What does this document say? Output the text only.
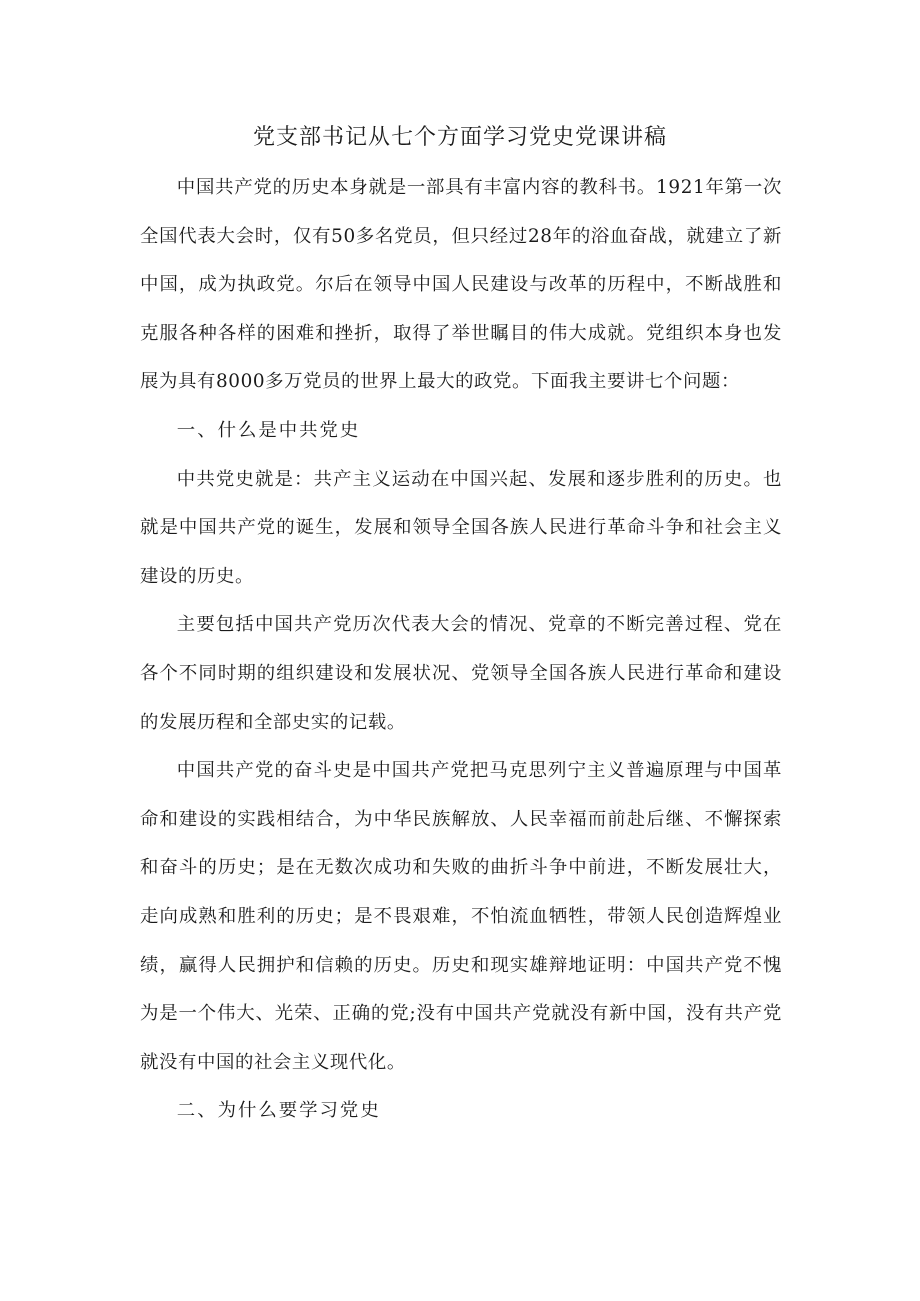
党支部书记从七个方面学习党史党课讲稿

中国共产党的历史本身就是一部具有丰富内容的教科书。1921年第一次全国代表大会时，仅有50多名党员，但只经过28年的浴血奋战，就建立了新中国，成为执政党。尔后在领导中国人民建设与改革的历程中，不断战胜和克服各种各样的困难和挫折，取得了举世瞩目的伟大成就。党组织本身也发展为具有8000多万党员的世界上最大的政党。下面我主要讲七个问题：

一、什么是中共党史

中共党史就是：共产主义运动在中国兴起、发展和逐步胜利的历史。也就是中国共产党的诞生，发展和领导全国各族人民进行革命斗争和社会主义建设的历史。

主要包括中国共产党历次代表大会的情况、党章的不断完善过程、党在各个不同时期的组织建设和发展状况、党领导全国各族人民进行革命和建设的发展历程和全部史实的记载。

中国共产党的奋斗史是中国共产党把马克思列宁主义普遍原理与中国革命和建设的实践相结合，为中华民族解放、人民幸福而前赴后继、不懈探索和奋斗的历史；是在无数次成功和失败的曲折斗争中前进，不断发展壮大，走向成熟和胜利的历史；是不畏艰难，不怕流血牺牲，带领人民创造辉煌业绩，赢得人民拥护和信赖的历史。历史和现实雄辩地证明：中国共产党不愧为是一个伟大、光荣、正确的党;没有中国共产党就没有新中国，没有共产党就没有中国的社会主义现代化。

二、为什么要学习党史
